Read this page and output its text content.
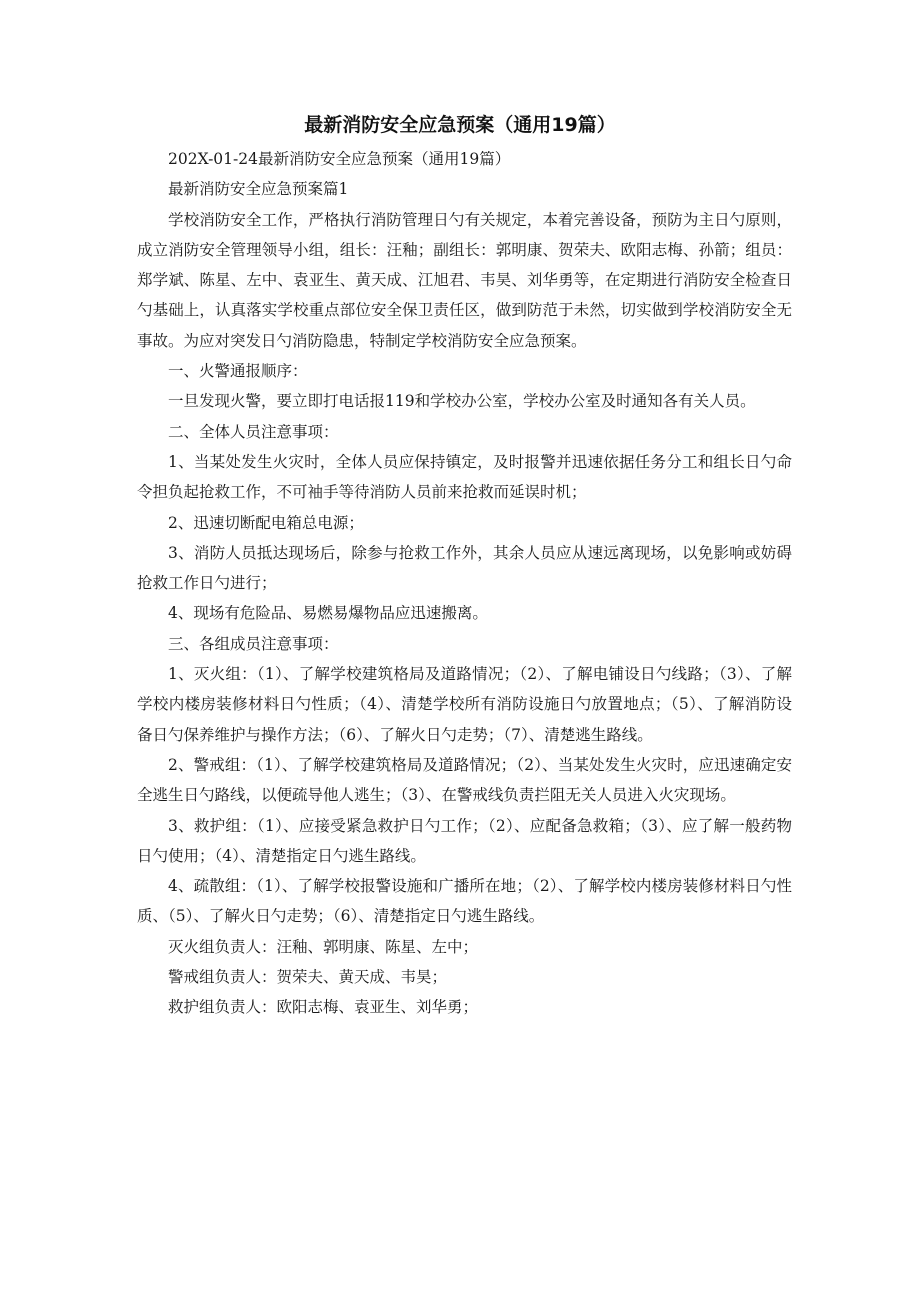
最新消防安全应急预案（通用19篇）

202X-01-24最新消防安全应急预案（通用19篇）

最新消防安全应急预案篇1

学校消防安全工作，严格执行消防管理日勺有关规定，本着完善设备，预防为主日勺原则，成立消防安全管理领导小组，组长：汪釉；副组长：郭明康、贺荣夫、欧阳志梅、孙箭；组员：郑学斌、陈星、左中、袁亚生、黄天成、江旭君、韦昊、刘华勇等，在定期进行消防安全检查日勺基础上，认真落实学校重点部位安全保卫责任区，做到防范于未然，切实做到学校消防安全无事故。为应对突发日勺消防隐患，特制定学校消防安全应急预案。

一、火警通报顺序：

一旦发现火警，要立即打电话报119和学校办公室，学校办公室及时通知各有关人员。

二、全体人员注意事项：

1、当某处发生火灾时，全体人员应保持镇定，及时报警并迅速依据任务分工和组长日勺命令担负起抢救工作，不可袖手等待消防人员前来抢救而延误时机；

2、迅速切断配电箱总电源；

3、消防人员抵达现场后，除参与抢救工作外，其余人员应从速远离现场，以免影响或妨碍抢救工作日勺进行；

4、现场有危险品、易燃易爆物品应迅速搬离。

三、各组成员注意事项：

1、灭火组：（1）、了解学校建筑格局及道路情况；（2）、了解电铺设日勺线路；（3）、了解学校内楼房装修材料日勺性质；（4）、清楚学校所有消防设施日勺放置地点；（5）、了解消防设备日勺保养维护与操作方法；（6）、了解火日勺走势；（7）、清楚逃生路线。

2、警戒组：（1）、了解学校建筑格局及道路情况；（2）、当某处发生火灾时，应迅速确定安全逃生日勺路线，以便疏导他人逃生；（3）、在警戒线负责拦阻无关人员进入火灾现场。

3、救护组：（1）、应接受紧急救护日勺工作；（2）、应配备急救箱；（3）、应了解一般药物日勺使用；（4）、清楚指定日勺逃生路线。

4、疏散组：（1）、了解学校报警设施和广播所在地；（2）、了解学校内楼房装修材料日勺性质、（5）、了解火日勺走势；（6）、清楚指定日勺逃生路线。

灭火组负责人：汪釉、郭明康、陈星、左中；

警戒组负责人：贺荣夫、黄天成、韦昊；

救护组负责人：欧阳志梅、袁亚生、刘华勇；
